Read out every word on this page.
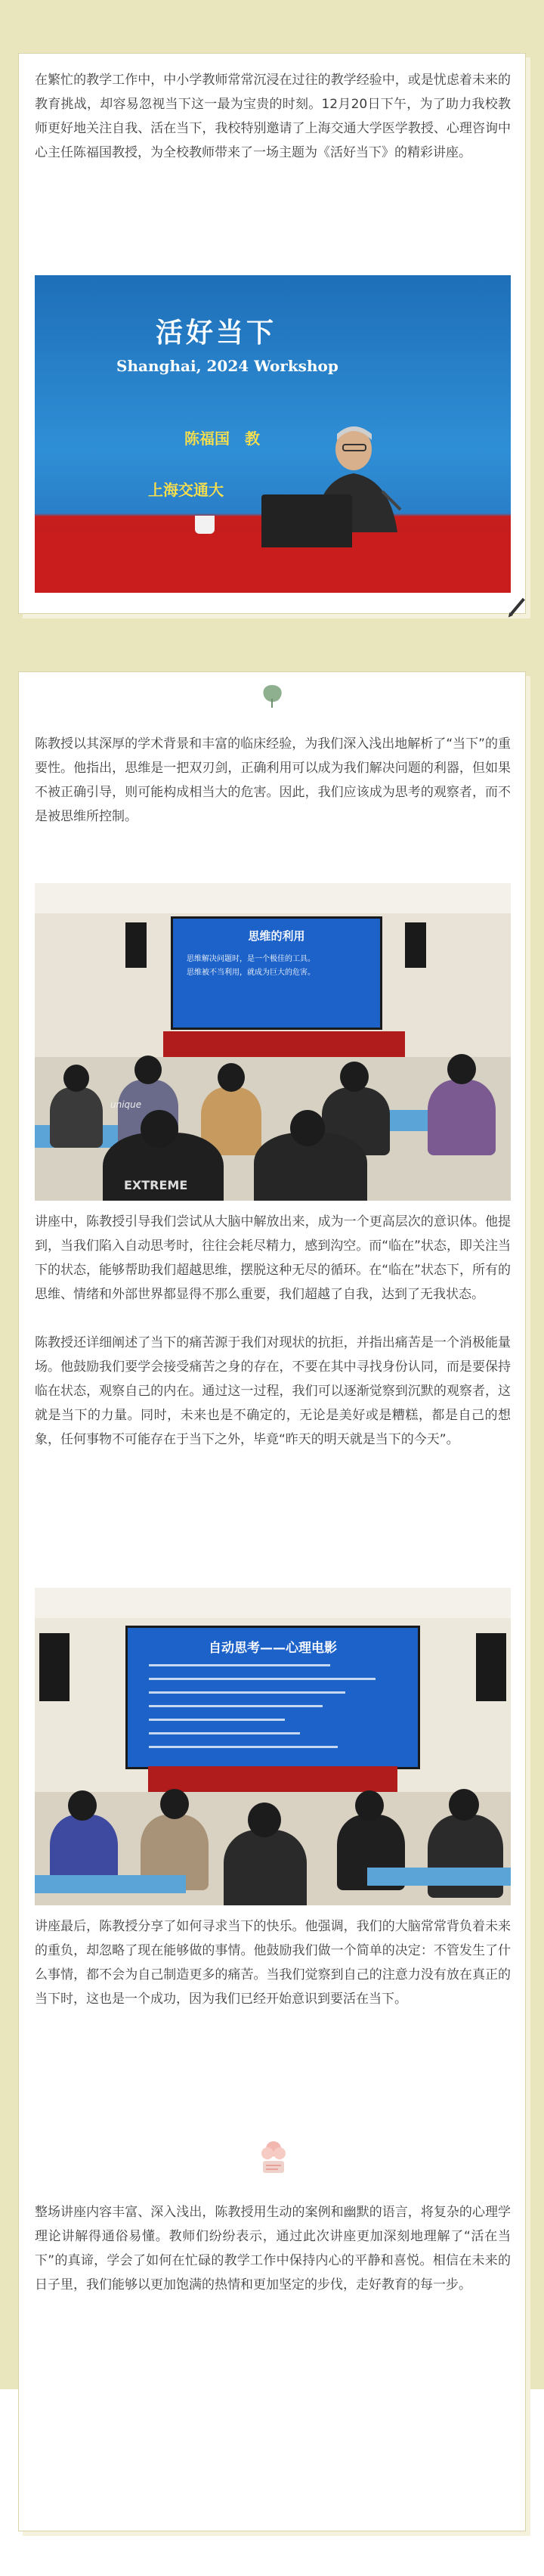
在繁忙的教学工作中，中小学教师常常沉浸在过往的教学经验中，或是忧虑着未来的教育挑战，却容易忽视当下这一最为宝贵的时刻。12月20日下午，为了助力我校教师更好地关注自我、活在当下，我校特别邀请了上海交通大学医学教授、心理咨询中心主任陈福国教授，为全校教师带来了一场主题为《活好当下》的精彩讲座。
活好当下
Shanghai, 2024 Workshop
陈福国　教
上海交通大
陈教授以其深厚的学术背景和丰富的临床经验，为我们深入浅出地解析了“当下”的重要性。他指出，思维是一把双刃剑，正确利用可以成为我们解决问题的利器，但如果不被正确引导，则可能构成相当大的危害。因此，我们应该成为思考的观察者，而不是被思维所控制。
思维的利用
思维解决问题时，是一个极佳的工具。
思维被不当利用，就成为巨大的危害。
EXTREME
unique
讲座中，陈教授引导我们尝试从大脑中解放出来，成为一个更高层次的意识体。他提到，当我们陷入自动思考时，往往会耗尽精力，感到沟空。而“临在”状态，即关注当下的状态，能够帮助我们超越思维，摆脱这种无尽的循环。在“临在”状态下，所有的思维、情绪和外部世界都显得不那么重要，我们超越了自我，达到了无我状态。
陈教授还详细阐述了当下的痛苦源于我们对现状的抗拒，并指出痛苦是一个消极能量场。他鼓励我们要学会接受痛苦之身的存在，不要在其中寻找身份认同，而是要保持临在状态，观察自己的内在。通过这一过程，我们可以逐渐觉察到沉默的观察者，这就是当下的力量。同时，未来也是不确定的，无论是美好或是糟糕，都是自己的想象，任何事物不可能存在于当下之外，毕竟“昨天的明天就是当下的今天”。
自动思考——心理电影
讲座最后，陈教授分享了如何寻求当下的快乐。他强调，我们的大脑常常背负着未来的重负，却忽略了现在能够做的事情。他鼓励我们做一个简单的决定：不管发生了什么事情，都不会为自己制造更多的痛苦。当我们觉察到自己的注意力没有放在真正的当下时，这也是一个成功，因为我们已经开始意识到要活在当下。
整场讲座内容丰富、深入浅出，陈教授用生动的案例和幽默的语言，将复杂的心理学理论讲解得通俗易懂。教师们纷纷表示，通过此次讲座更加深刻地理解了“活在当下”的真谛，学会了如何在忙碌的教学工作中保持内心的平静和喜悦。相信在未来的日子里，我们能够以更加饱满的热情和更加坚定的步伐，走好教育的每一步。
